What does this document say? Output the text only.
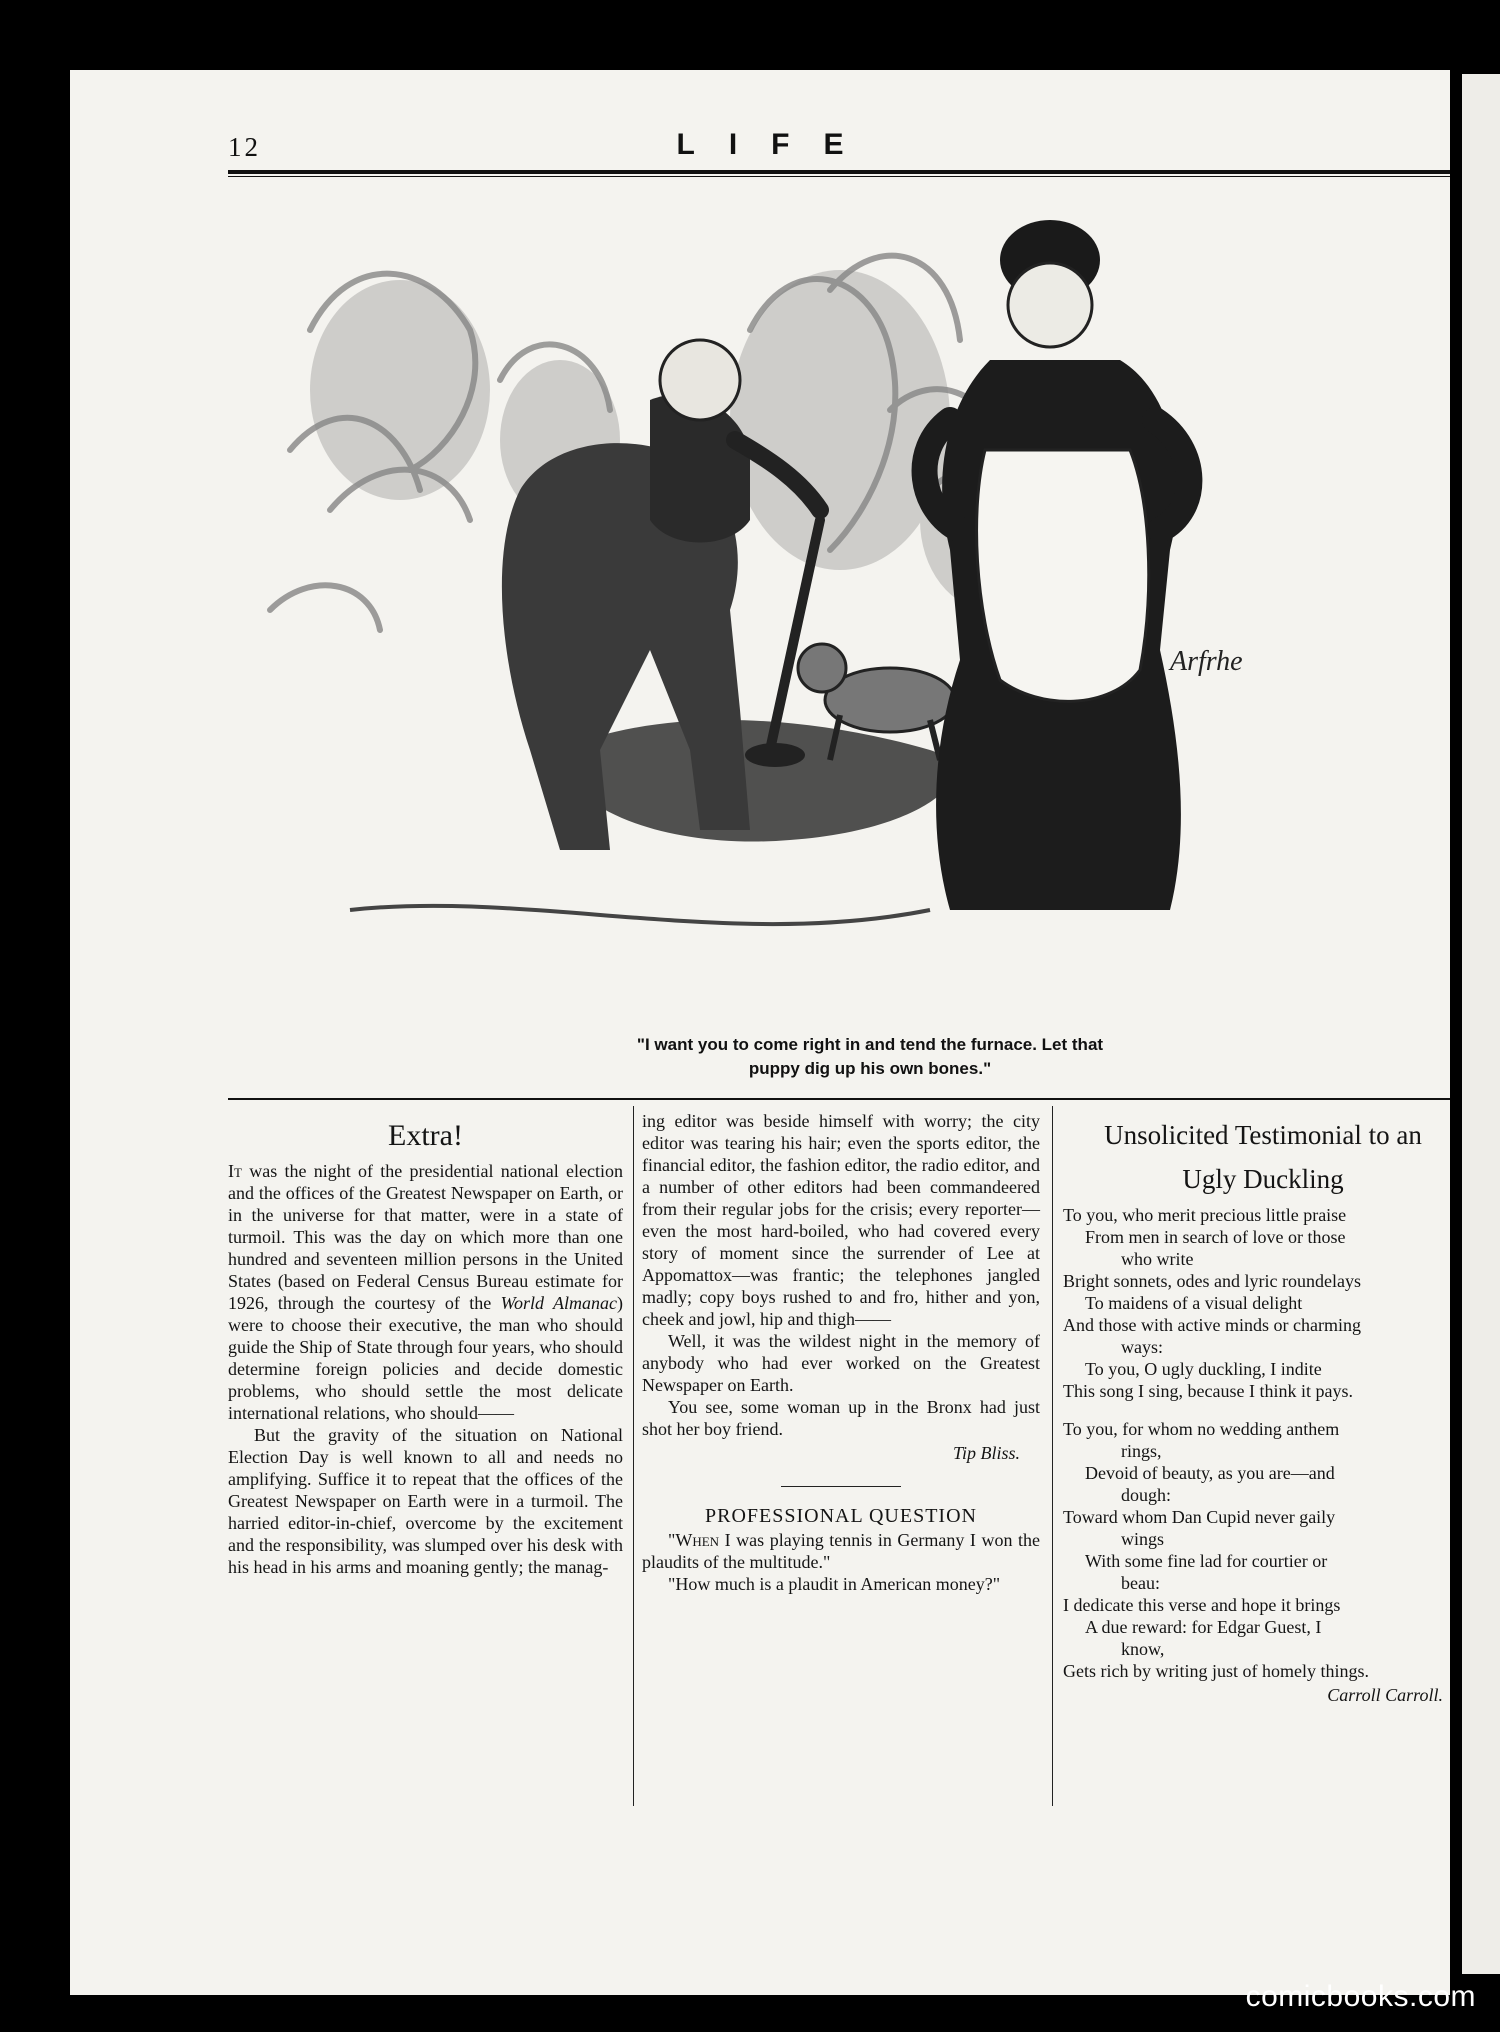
12	LIFE
Arfrhe
"I want you to come right in and tend the furnace. Let that
puppy dig up his own bones."
Extra!

It was the night of the presidential national election and the offices of the Greatest Newspaper on Earth, or in the universe for that matter, were in a state of turmoil. This was the day on which more than one hundred and seventeen million persons in the United States (based on Federal Census Bureau estimate for 1926, through the courtesy of the World Almanac) were to choose their executive, the man who should guide the Ship of State through four years, who should determine foreign policies and decide domestic problems, who should settle the most delicate international relations, who should——

But the gravity of the situation on National Election Day is well known to all and needs no amplifying. Suffice it to repeat that the offices of the Greatest Newspaper on Earth were in a turmoil. The harried editor-in-chief, overcome by the excitement and the responsibility, was slumped over his desk with his head in his arms and moaning gently; the manag-

ing editor was beside himself with worry; the city editor was tearing his hair; even the sports editor, the financial editor, the fashion editor, the radio editor, and a number of other editors had been commandeered from their regular jobs for the crisis; every reporter—even the most hard-boiled, who had covered every story of moment since the surrender of Lee at Appomattox—was frantic; the telephones jangled madly; copy boys rushed to and fro, hither and yon, cheek and jowl, hip and thigh——

Well, it was the wildest night in the memory of anybody who had ever worked on the Greatest Newspaper on Earth.

You see, some woman up in the Bronx had just shot her boy friend.

Tip Bliss.
PROFESSIONAL QUESTION

"When I was playing tennis in Germany I won the plaudits of the multitude."

"How much is a plaudit in American money?"

Unsolicited Testimonial to an
Ugly Duckling
To you, who merit precious little praise
From men in search of love or those
who write
Bright sonnets, odes and lyric roundelays
To maidens of a visual delight
And those with active minds or charming
ways:
To you, O ugly duckling, I indite
This song I sing, because I think it pays.
To you, for whom no wedding anthem
rings,
Devoid of beauty, as you are—and
dough:
Toward whom Dan Cupid never gaily
wings
With some fine lad for courtier or
beau:
I dedicate this verse and hope it brings
A due reward: for Edgar Guest, I
know,
Gets rich by writing just of homely things.
Carroll Carroll.
comicbooks.com
